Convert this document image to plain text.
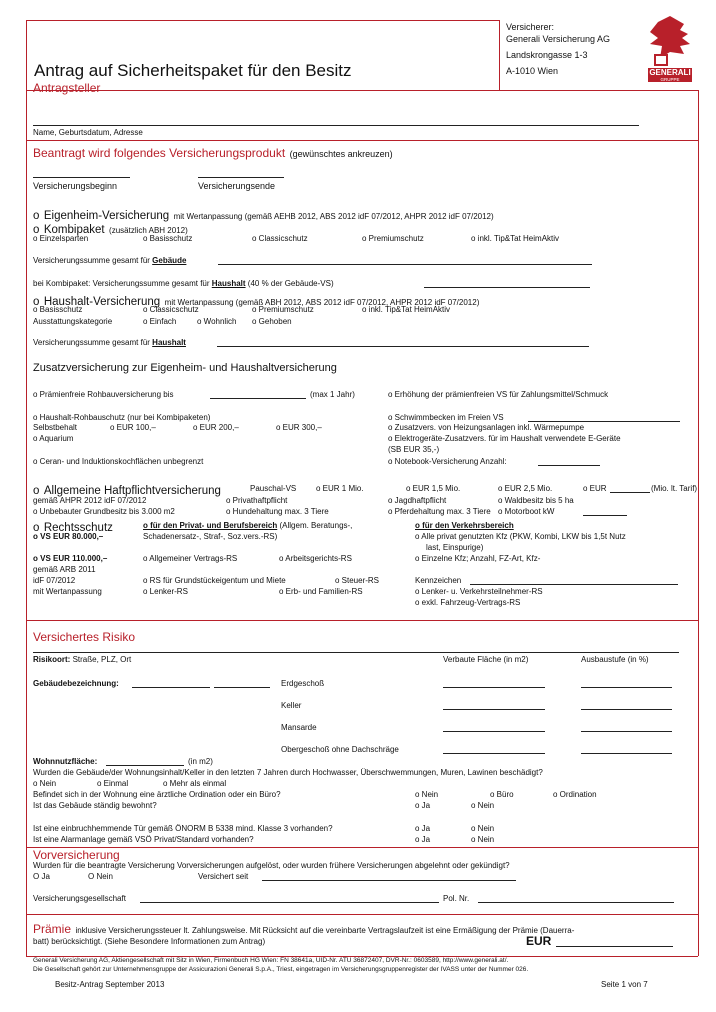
Versicherer:
Generali Versicherung AG
Landskrongasse 1-3
A-1010 Wien	GENERALI
GRUPPE
Antrag auf Sicherheitspaket für den Besitz
Antragsteller
Name, Geburtsdatum, Adresse
Beantragt wird folgendes Versicherungsprodukt (gewünschtes ankreuzen)
Versicherungsbeginn	Versicherungsende
o Eigenheim-Versicherung mit Wertanpassung (gemäß AEHB 2012, ABS 2012 idF 07/2012, AHPR 2012 idF 07/2012)
o Kombipaket (zusätzlich ABH 2012)
o Einzelsparten	o Basisschutz	o Classicschutz	o Premiumschutz	o inkl. Tip&Tat HeimAktiv
Versicherungssumme gesamt für Gebäude
bei Kombipaket: Versicherungssumme gesamt für Haushalt (40 % der Gebäude-VS)
o Haushalt-Versicherung mit Wertanpassung (gemäß ABH 2012, ABS 2012 idF 07/2012, AHPR 2012 idF 07/2012)
o Basisschutz	o Classicschutz	o Premiumschutz	o inkl. Tip&Tat HeimAktiv
Ausstattungskategorie	o Einfach	o Wohnlich o Gehoben
Versicherungssumme gesamt für Haushalt
Zusatzversicherung zur Eigenheim- und Haushaltversicherung
o Prämienfreie Rohbauversicherung bis	(max 1 Jahr)	o Erhöhung der prämienfreien VS für Zahlungsmittel/Schmuck
o Haushalt-Rohbauschutz (nur bei Kombipaketen)
Selbstbehalt	o EUR 100,–	o EUR 200,–	o EUR 300,–
o Aquarium
o Ceran- und Induktionskochflächen unbegrenzt
o Schwimmbecken im Freien VS
o Zusatzvers. von Heizungsanlagen inkl. Wärmepumpe
o Elektrogeräte-Zusatzvers. für im Haushalt verwendete E-Geräte
(SB EUR 35,-)
o Notebook-Versicherung Anzahl:
o Allgemeine Haftpflichtversicherung	Pauschal-VS o EUR 1 Mio.	o EUR 1,5 Mio.	o EUR 2,5 Mio.	o EUR	(Mio. lt. Tarif)
gemäß AHPR 2012 idF 07/2012	o Privathaftpflicht	o Jagdhaftpflicht	o Waldbesitz bis 5 ha
o Unbebauter Grundbesitz bis 3.000 m2	o Hundehaltung max. 3 Tiere	o Pferdehaltung max. 3 Tiere o Motorboot kW
o Rechtsschutz	o für den Privat- und Berufsbereich (Allgem. Beratungs-,	o für den Verkehrsbereich
o VS EUR 80.000,–	Schadenersatz-, Straf-, Soz.vers.-RS)	o Alle privat genutzten Kfz (PKW, Kombi, LKW bis 1,5t Nutz
last, Einspurige)
o VS EUR 110.000,–	o Allgemeiner Vertrags-RS	o Arbeitsgerichts-RS	o Einzelne Kfz; Anzahl, FZ-Art, Kfz-
gemäß ARB 2011
idF 07/2012	o RS für Grundstückeigentum und Miete	o Steuer-RS	Kennzeichen
mit Wertanpassung	o Lenker-RS	o Erb- und Familien-RS	o Lenker- u. Verkehrsteilnehmer-RS
o exkl. Fahrzeug-Vertrags-RS
Versichertes Risiko
Risikoort: Straße, PLZ, Ort	Verbaute Fläche (in m2)	Ausbaustufe (in %)
Gebäudebezeichnung:	Erdgeschoß
Keller
Mansarde
Obergeschoß ohne Dachschräge
Wohnnutzfläche:	(in m2)
Wurden die Gebäude/der Wohnungsinhalt/Keller in den letzten 7 Jahren durch Hochwasser, Überschwemmungen, Muren, Lawinen beschädigt?
o Nein	o Einmal	o Mehr als einmal
Befindet sich in der Wohnung eine ärztliche Ordination oder ein Büro?	o Nein	o Büro	o Ordination
Ist das Gebäude ständig bewohnt?	o Ja	o Nein
Ist eine einbruchhemmende Tür gemäß ÖNORM B 5338 mind. Klasse 3 vorhanden?	o Ja	o Nein
Ist eine Alarmanlage gemäß VSÖ Privat/Standard vorhanden?	o Ja	o Nein
Vorversicherung
Wurden für die beantragte Versicherung Vorversicherungen aufgelöst, oder wurden frühere Versicherungen abgelehnt oder gekündigt?
O Ja	O Nein	Versichert seit
Versicherungsgesellschaft	Pol. Nr.
Prämie inklusive Versicherungssteuer lt. Zahlungsweise. Mit Rücksicht auf die vereinbarte Vertragslaufzeit ist eine Ermäßigung der Prämie (Dauerra-
batt) berücksichtigt. (Siehe Besondere Informationen zum Antrag)	EUR
Generali Versicherung AG, Aktiengesellschaft mit Sitz in Wien, Firmenbuch HG Wien: FN 38641a, UID-Nr. ATU 36872407, DVR-Nr.: 0603589, http://www.generali.at/.
Die Gesellschaft gehört zur Unternehmensgruppe der Assicurazioni Generali S.p.A., Triest, eingetragen im Versicherungsgruppenregister der IVASS unter der Nummer 026.
Besitz-Antrag September 2013	Seite 1 von 7
